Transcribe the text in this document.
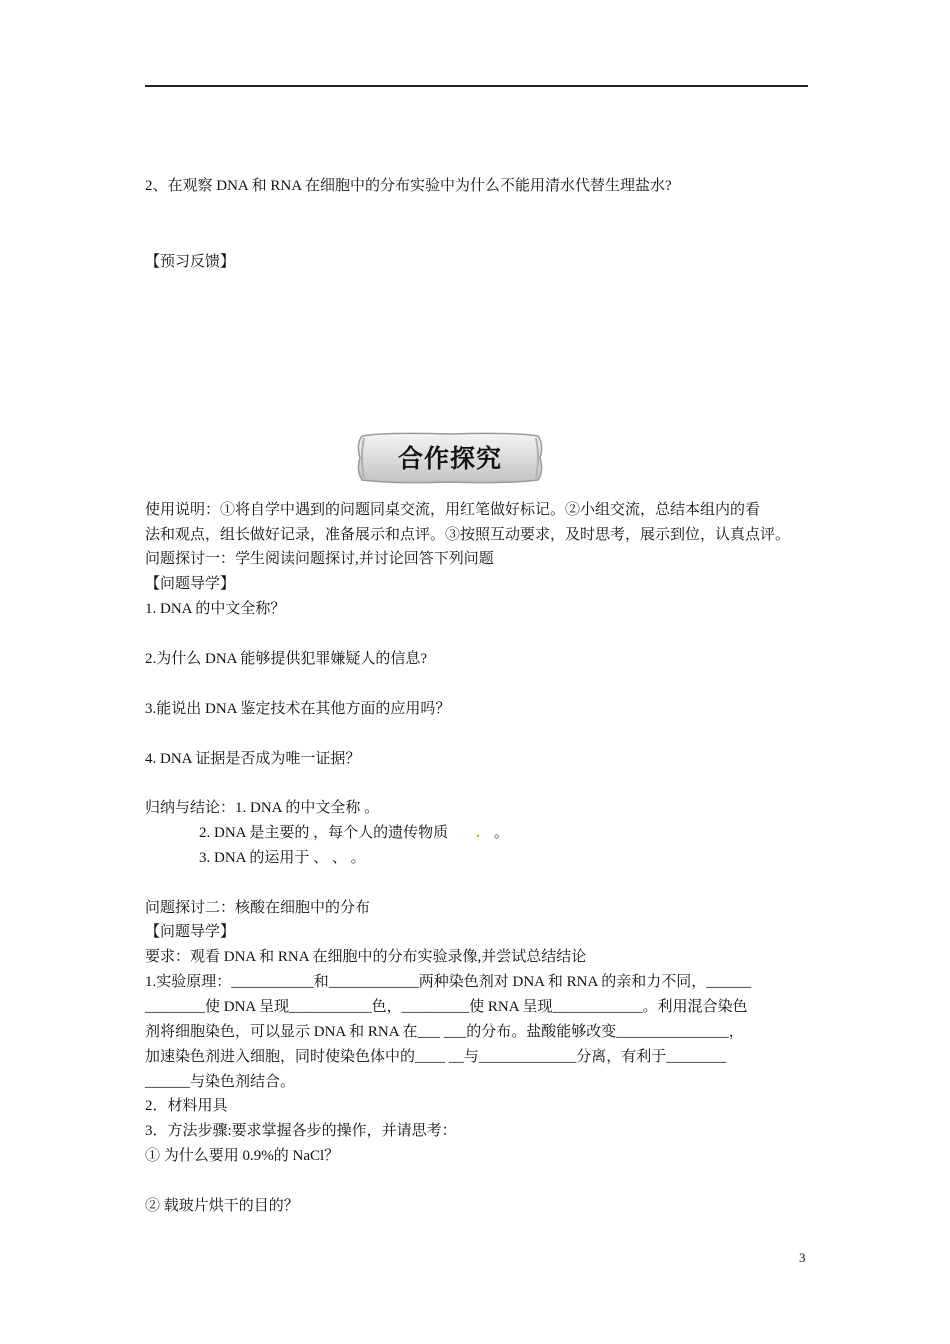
2、在观察 DNA 和 RNA 在细胞中的分布实验中为什么不能用清水代替生理盐水?
【预习反馈】
合作探究
使用说明：①将自学中遇到的问题同桌交流，用红笔做好标记。②小组交流，总结本组内的看
法和观点，组长做好记录，准备展示和点评。③按照互动要求，及时思考，展示到位，认真点评。
问题探讨一：学生阅读问题探讨,并讨论回答下列问题
【问题导学】
1. DNA 的中文全称？
2.为什么 DNA 能够提供犯罪嫌疑人的信息?
3.能说出 DNA 鉴定技术在其他方面的应用吗？
4. DNA 证据是否成为唯一证据？
归纳与结论：1. DNA 的中文全称 。
2. DNA 是主要的 ，每个人的遗传物质 . 。
3. DNA 的运用于 、 、 。
问题探讨二：核酸在细胞中的分布
【问题导学】
要求：观看 DNA 和 RNA 在细胞中的分布实验录像,并尝试总结结论
1.实验原理：___________和____________两种染色剂对 DNA 和 RNA 的亲和力不同，______
________使 DNA 呈现___________色，_________使 RNA 呈现____________。利用混合染色
剂将细胞染色，可以显示 DNA 和 RNA 在___ ___的分布。盐酸能够改变_______________，
加速染色剂进入细胞，同时使染色体中的____ __与_____________分离，有利于________
______与染色剂结合。
2．材料用具
3．方法步骤:要求掌握各步的操作，并请思考：
① 为什么要用 0.9%的 NaCl？
② 载玻片烘干的目的？
3
